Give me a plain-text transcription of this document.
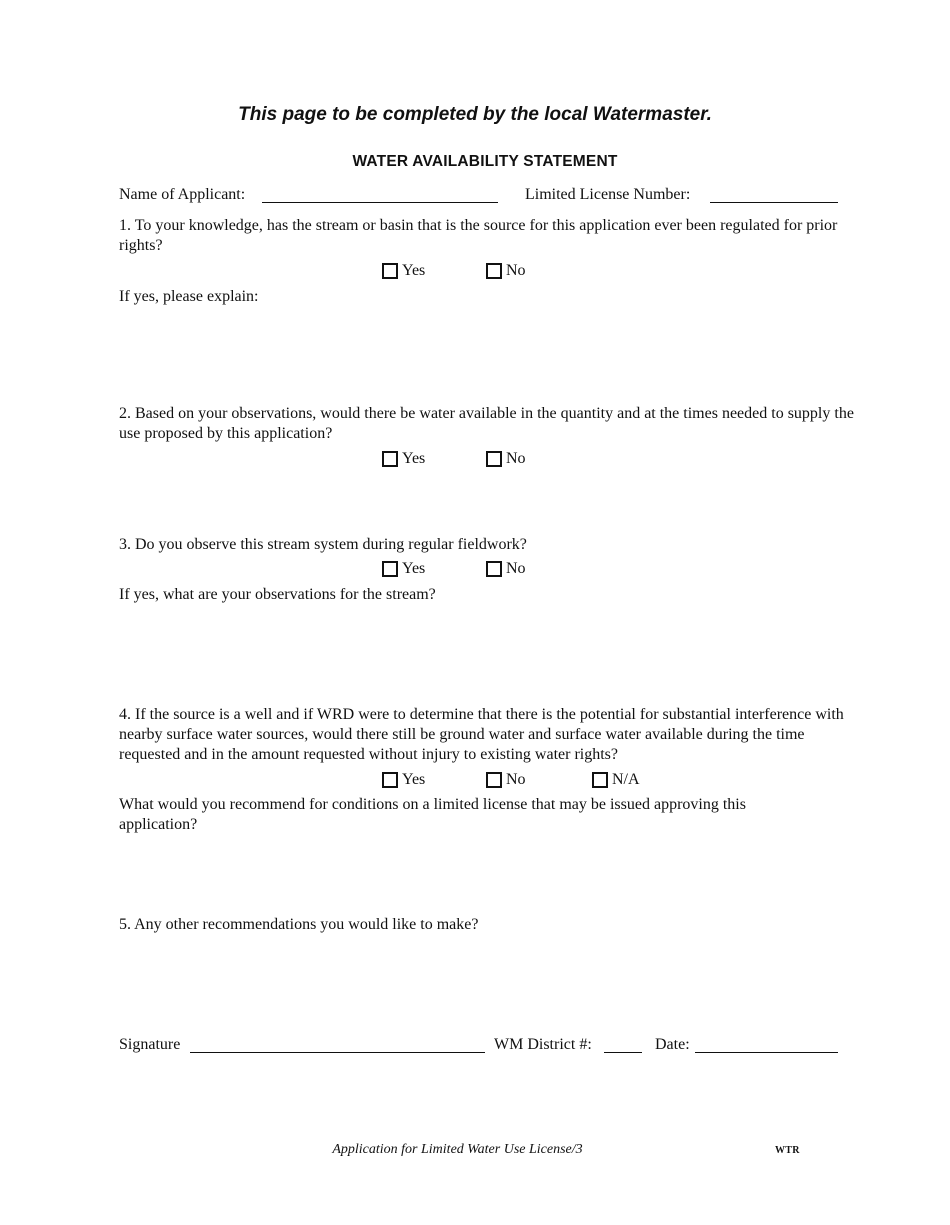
This page to be completed by the local Watermaster.
WATER AVAILABILITY STATEMENT
Name of Applicant:	Limited License Number:
1. To your knowledge, has the stream or basin that is the source for this application ever been regulated for prior rights?
Yes	No
If yes, please explain:
2. Based on your observations, would there be water available in the quantity and at the times needed to supply the use proposed by this application?
Yes	No
3. Do you observe this stream system during regular fieldwork?
Yes	No
If yes, what are your observations for the stream?
4. If the source is a well and if WRD were to determine that there is the potential for substantial interference with nearby surface water sources, would there still be ground water and surface water available during the time requested and in the amount requested without injury to existing water rights?
Yes	No	N/A
What would you recommend for conditions on a limited license that may be issued approving this application?
5. Any other recommendations you would like to make?
Signature	WM District #:	Date:
Application for Limited Water Use License/3	WTR
